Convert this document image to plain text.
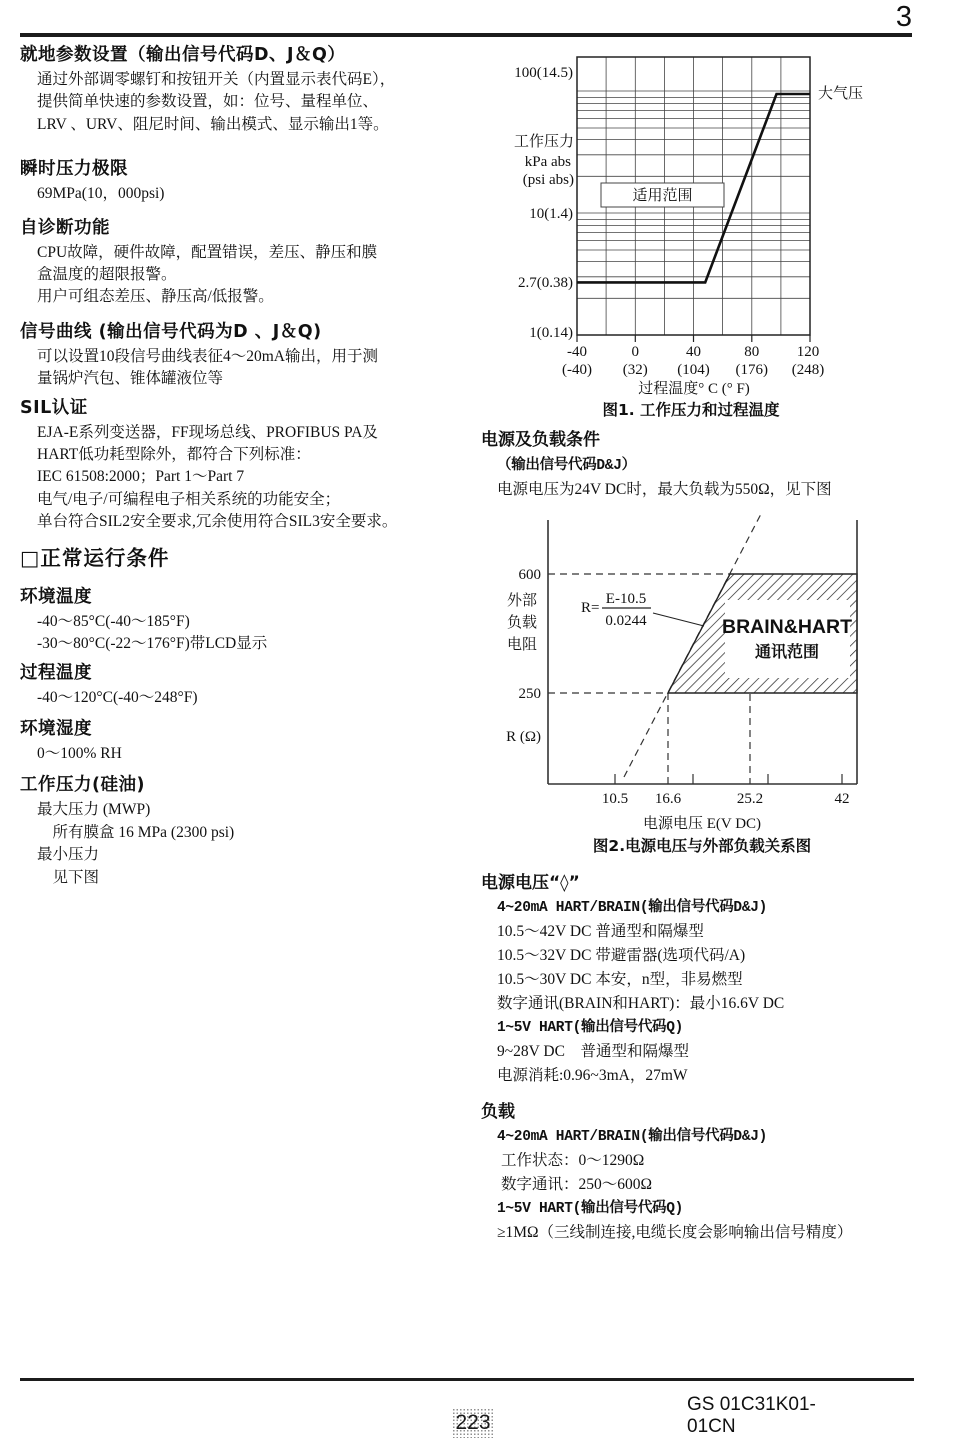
3
就地参数设置（输出信号代码D、J＆Q）
通过外部调零螺钉和按钮开关（内置显示表代码E），
提供简单快速的参数设置，如：位号、量程单位、
LRV 、URV、阻尼时间、输出模式、显示输出1等。
瞬时压力极限
69MPa(10，000psi)
自诊断功能
CPU故障，硬件故障，配置错误，差压、静压和膜
盒温度的超限报警。
用户可组态差压、静压高/低报警。
信号曲线 (输出信号代码为D 、J＆Q)
可以设置10段信号曲线表征4～20mA输出，用于测
量锅炉汽包、锥体罐液位等
SIL认证
EJA-E系列变送器，FF现场总线、PROFIBUS PA及
HART低功耗型除外，都符合下列标准：
IEC 61508:2000；Part 1～Part 7
电气/电子/可编程电子相关系统的功能安全；
单台符合SIL2安全要求,冗余使用符合SIL3安全要求。
□正常运行条件
环境温度
-40～85°C(-40～185°F)
-30～80°C(-22～176°F)带LCD显示
过程温度
-40～120°C(-40～248°F)
环境湿度
0～100% RH
工作压力(硅油)
最大压力 (MWP)
　所有膜盒 16 MPa (2300 psi)
最小压力
　见下图
适用范围
100(14.5)
工作压力
kPa abs
(psi abs)
10(1.4)
2.7(0.38)
1(0.14)
-40	0	40	80 120
(-40) (32) (104) (176) (248)
过程温度° C (° F)
图1. 工作压力和过程温度
大气压
电源及负载条件
（输出信号代码D&J）
电源电压为24V DC时，最大负载为550Ω，见下图
BRAIN&HART
通讯范围
R=
E-10.5
0.0244
600
250
外部
负载
电阻
R (Ω)
10.5 16.6	25.2	42
电源电压 E(V DC)
图2.电源电压与外部负载关系图
电源电压“◊”
4~20mA HART/BRAIN(输出信号代码D&J)
10.5～42V DC 普通型和隔爆型
10.5～32V DC 带避雷器(选项代码/A)
10.5～30V DC 本安，n型，非易燃型
数字通讯(BRAIN和HART)：最小16.6V DC
1~5V HART(输出信号代码Q)
9~28V DC　普通型和隔爆型
电源消耗:0.96~3mA，27mW
负载
4~20mA HART/BRAIN(输出信号代码D&J)
工作状态：0～1290Ω
数字通讯：250～600Ω
1~5V HART(输出信号代码Q)
≥1MΩ（三线制连接,电缆长度会影响输出信号精度）
GS 01C31K01-01CN
223
